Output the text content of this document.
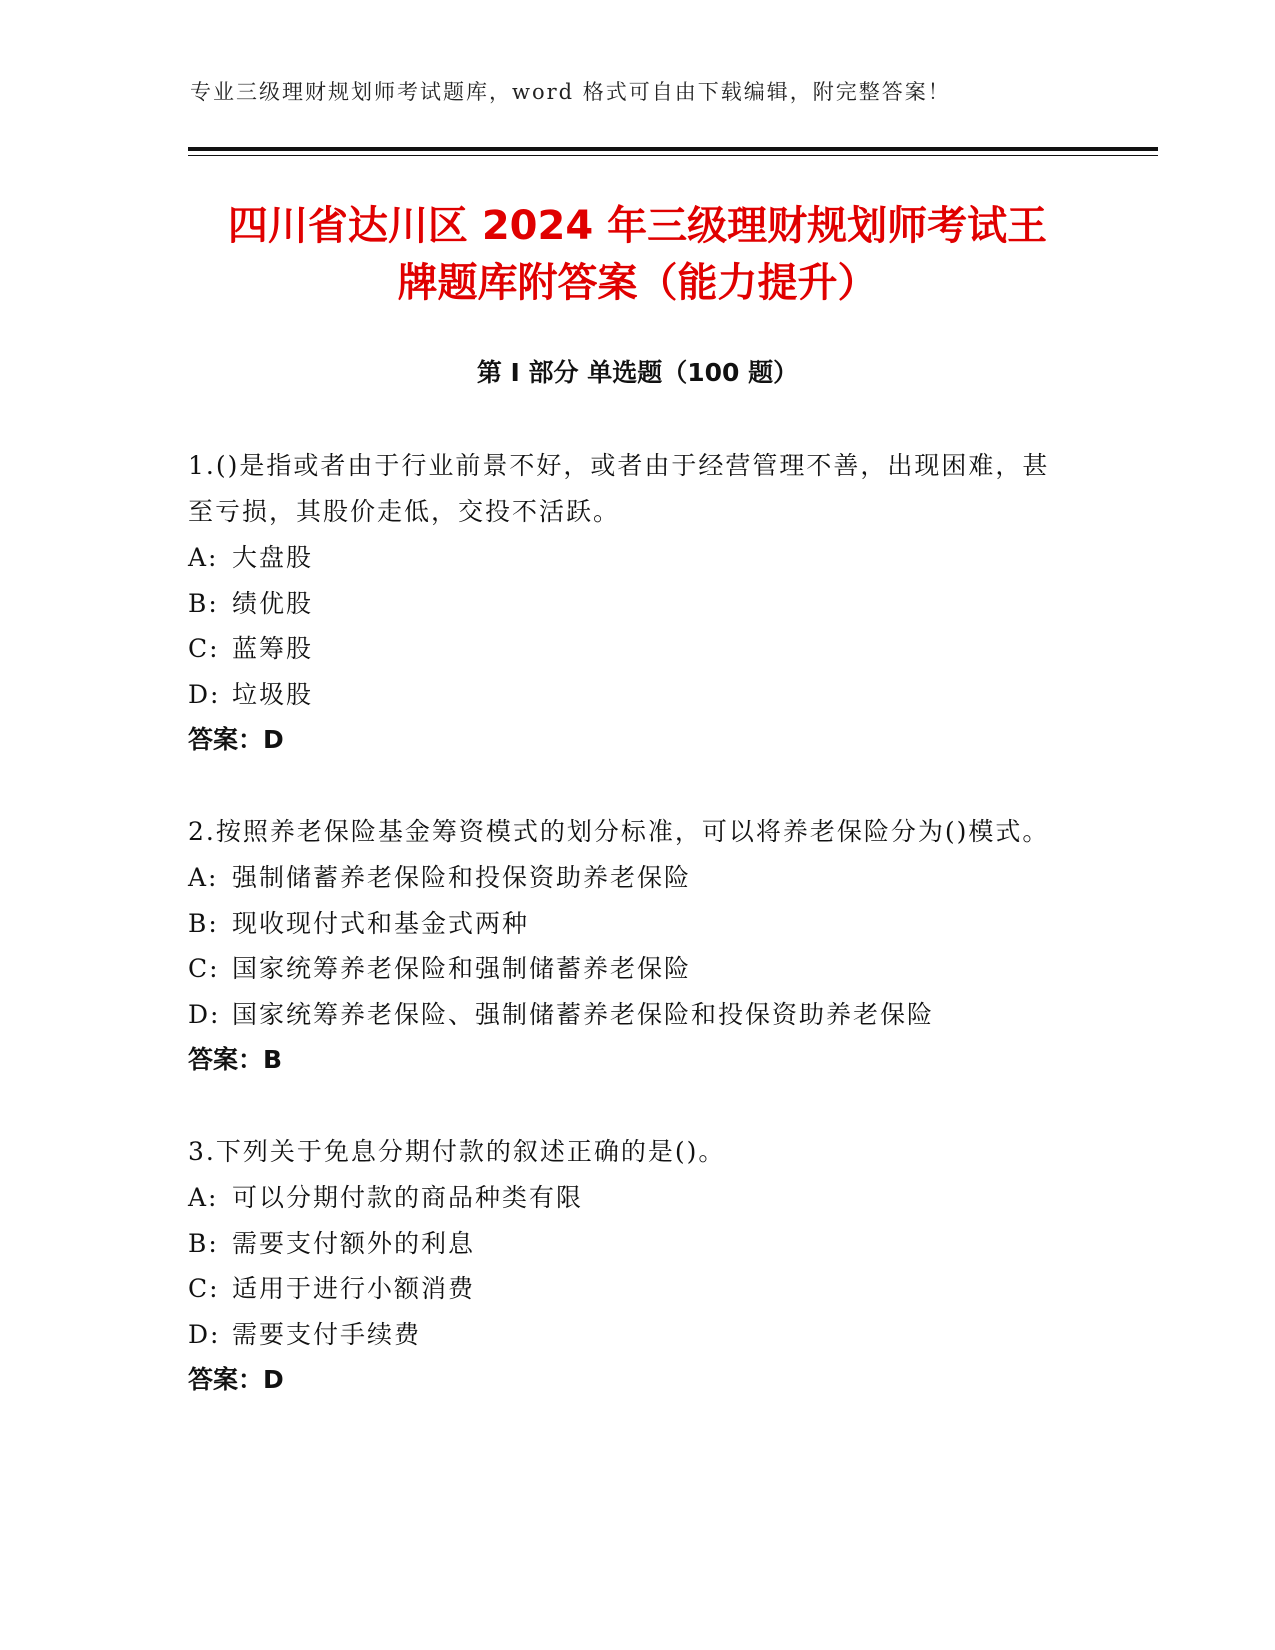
专业三级理财规划师考试题库，word 格式可自由下载编辑，附完整答案！
四川省达川区 2024 年三级理财规划师考试王
牌题库附答案（能力提升）
第 I 部分 单选题（100 题）

1.()是指或者由于行业前景不好，或者由于经营管理不善，出现困难，甚至亏损，其股价走低，交投不活跃。

A: 大盘股
B: 绩优股
C: 蓝筹股
D: 垃圾股
答案：D

2.按照养老保险基金筹资模式的划分标准，可以将养老保险分为()模式。

A: 强制储蓄养老保险和投保资助养老保险
B: 现收现付式和基金式两种
C: 国家统筹养老保险和强制储蓄养老保险
D: 国家统筹养老保险、强制储蓄养老保险和投保资助养老保险
答案：B

3.下列关于免息分期付款的叙述正确的是()。

A: 可以分期付款的商品种类有限
B: 需要支付额外的利息
C: 适用于进行小额消费
D: 需要支付手续费
答案：D
